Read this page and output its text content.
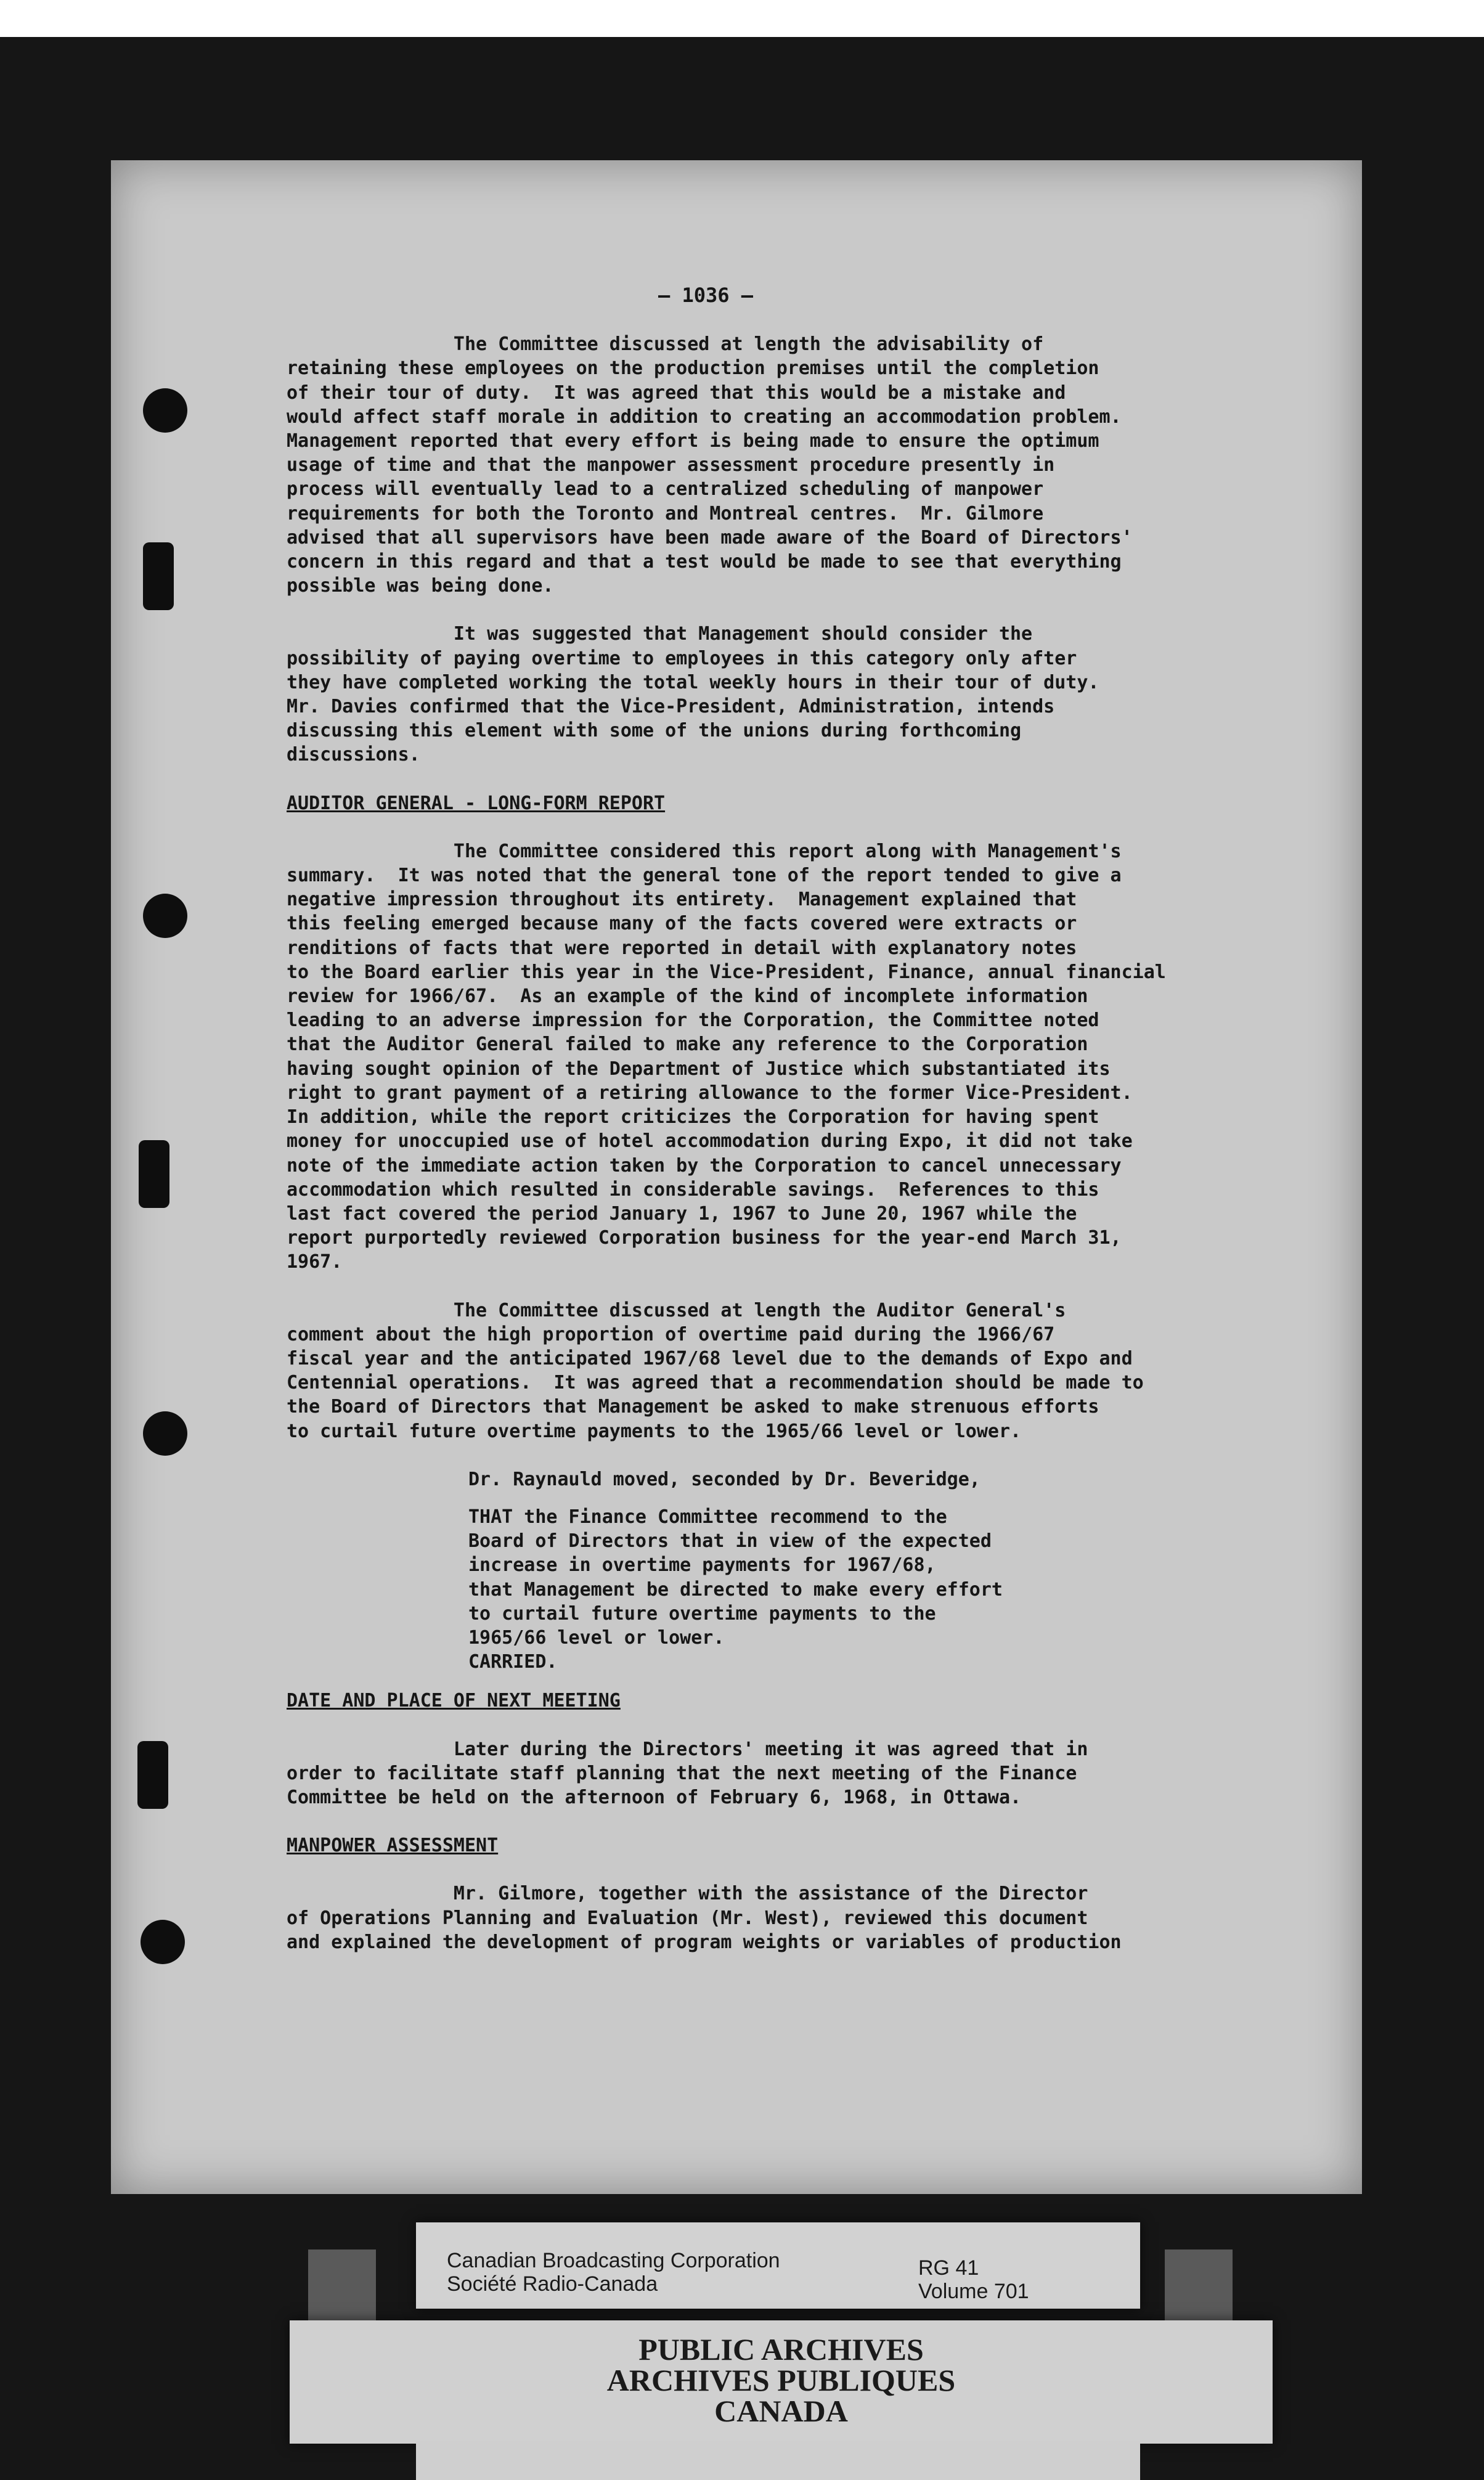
— 1036 —
The Committee discussed at length the advisability of
retaining these employees on the production premises until the completion
of their tour of duty.  It was agreed that this would be a mistake and
would affect staff morale in addition to creating an accommodation problem.
Management reported that every effort is being made to ensure the optimum
usage of time and that the manpower assessment procedure presently in
process will eventually lead to a centralized scheduling of manpower
requirements for both the Toronto and Montreal centres.  Mr. Gilmore
advised that all supervisors have been made aware of the Board of Directors'
concern in this regard and that a test would be made to see that everything
possible was being done.
It was suggested that Management should consider the
possibility of paying overtime to employees in this category only after
they have completed working the total weekly hours in their tour of duty.
Mr. Davies confirmed that the Vice-President, Administration, intends
discussing this element with some of the unions during forthcoming
discussions.
AUDITOR GENERAL - LONG-FORM REPORT
The Committee considered this report along with Management's
summary.  It was noted that the general tone of the report tended to give a
negative impression throughout its entirety.  Management explained that
this feeling emerged because many of the facts covered were extracts or
renditions of facts that were reported in detail with explanatory notes
to the Board earlier this year in the Vice-President, Finance, annual financial
review for 1966/67.  As an example of the kind of incomplete information
leading to an adverse impression for the Corporation, the Committee noted
that the Auditor General failed to make any reference to the Corporation
having sought opinion of the Department of Justice which substantiated its
right to grant payment of a retiring allowance to the former Vice-President.
In addition, while the report criticizes the Corporation for having spent
money for unoccupied use of hotel accommodation during Expo, it did not take
note of the immediate action taken by the Corporation to cancel unnecessary
accommodation which resulted in considerable savings.  References to this
last fact covered the period January 1, 1967 to June 20, 1967 while the
report purportedly reviewed Corporation business for the year-end March 31,
1967.
The Committee discussed at length the Auditor General's
comment about the high proportion of overtime paid during the 1966/67
fiscal year and the anticipated 1967/68 level due to the demands of Expo and
Centennial operations.  It was agreed that a recommendation should be made to
the Board of Directors that Management be asked to make strenuous efforts
to curtail future overtime payments to the 1965/66 level or lower.
Dr. Raynauld moved, seconded by Dr. Beveridge,
THAT the Finance Committee recommend to the
Board of Directors that in view of the expected
increase in overtime payments for 1967/68,
that Management be directed to make every effort
to curtail future overtime payments to the
1965/66 level or lower.
CARRIED.
DATE AND PLACE OF NEXT MEETING
Later during the Directors' meeting it was agreed that in
order to facilitate staff planning that the next meeting of the Finance
Committee be held on the afternoon of February 6, 1968, in Ottawa.
MANPOWER ASSESSMENT
Mr. Gilmore, together with the assistance of the Director
of Operations Planning and Evaluation (Mr. West), reviewed this document
and explained the development of program weights or variables of production
Canadian Broadcasting Corporation
Société Radio-Canada
RG 41
Volume 701
PUBLIC ARCHIVES
ARCHIVES PUBLIQUES
CANADA
